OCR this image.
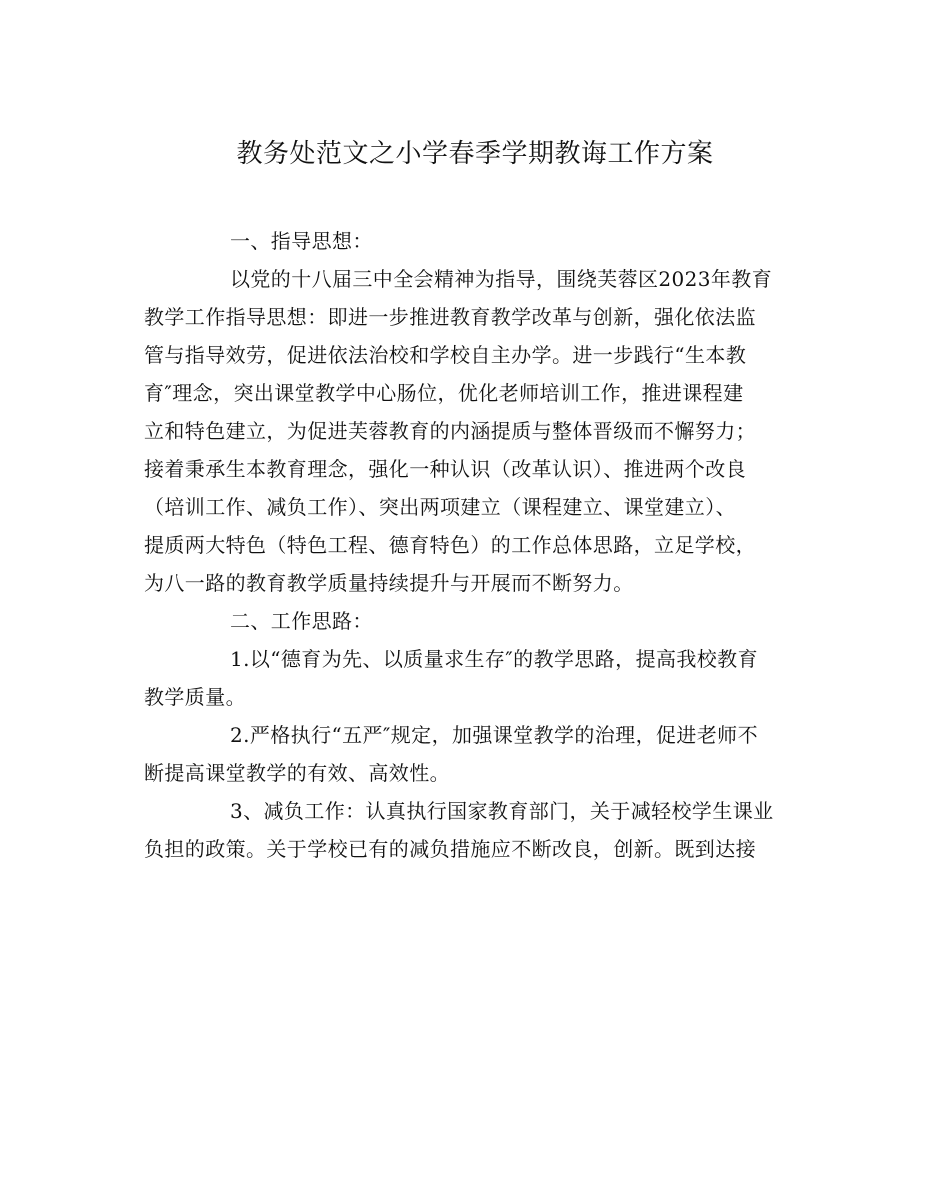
教务处范文之小学春季学期教诲工作方案
一、指导思想：
以党的十八届三中全会精神为指导，围绕芙蓉区2023年教育
教学工作指导思想：即进一步推进教育教学改革与创新，强化依法监
管与指导效劳，促进依法治校和学校自主办学。进一步践行“生本教
育″理念，突出课堂教学中心肠位，优化老师培训工作，推进课程建
立和特色建立，为促进芙蓉教育的内涵提质与整体晋级而不懈努力；
接着秉承生本教育理念，强化一种认识（改革认识）、推进两个改良
（培训工作、减负工作）、突出两项建立（课程建立、课堂建立）、
提质两大特色（特色工程、德育特色）的工作总体思路，立足学校，
为八一路的教育教学质量持续提升与开展而不断努力。
二、工作思路：
1.以“德育为先、以质量求生存″的教学思路，提高我校教育
教学质量。
2.严格执行“五严″规定，加强课堂教学的治理，促进老师不
断提高课堂教学的有效、高效性。
3、减负工作：认真执行国家教育部门，关于减轻校学生课业
负担的政策。关于学校已有的减负措施应不断改良，创新。既到达接
